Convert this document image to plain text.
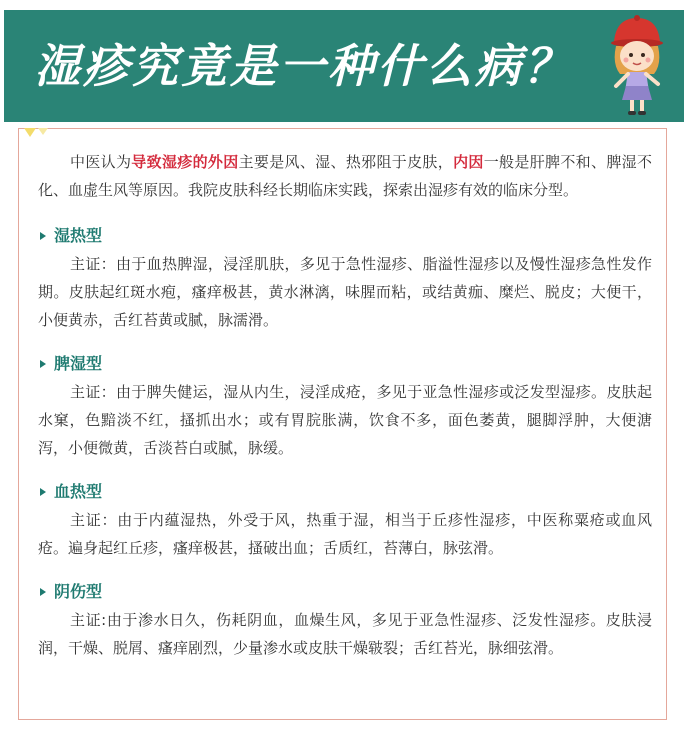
湿疹究竟是一种什么病？

中医认为导致湿疹的外因主要是风、湿、热邪阻于皮肤，内因一般是肝脾不和、脾湿不化、血虚生风等原因。我院皮肤科经长期临床实践，探索出湿疹有效的临床分型。

湿热型

主证：由于血热脾湿，浸淫肌肤，多见于急性湿疹、脂溢性湿疹以及慢性湿疹急性发作期。皮肤起红斑水疱，瘙痒极甚，黄水淋漓，味腥而粘，或结黄痂、糜烂、脱皮；大便干，小便黄赤，舌红苔黄或腻，脉濡滑。

脾湿型

主证：由于脾失健运，湿从内生，浸淫成疮，多见于亚急性湿疹或泛发型湿疹。皮肤起水窠，色黯淡不红，搔抓出水；或有胃脘胀满，饮食不多，面色萎黄，腿脚浮肿，大便溏泻，小便微黄，舌淡苔白或腻，脉缓。

血热型

主证：由于内蕴湿热，外受于风，热重于湿，相当于丘疹性湿疹，中医称粟疮或血风疮。遍身起红丘疹，瘙痒极甚，搔破出血；舌质红，苔薄白，脉弦滑。

阴伤型

主证:由于渗水日久，伤耗阴血，血燥生风，多见于亚急性湿疹、泛发性湿疹。皮肤浸润，干燥、脱屑、瘙痒剧烈，少量渗水或皮肤干燥皲裂；舌红苔光，脉细弦滑。
